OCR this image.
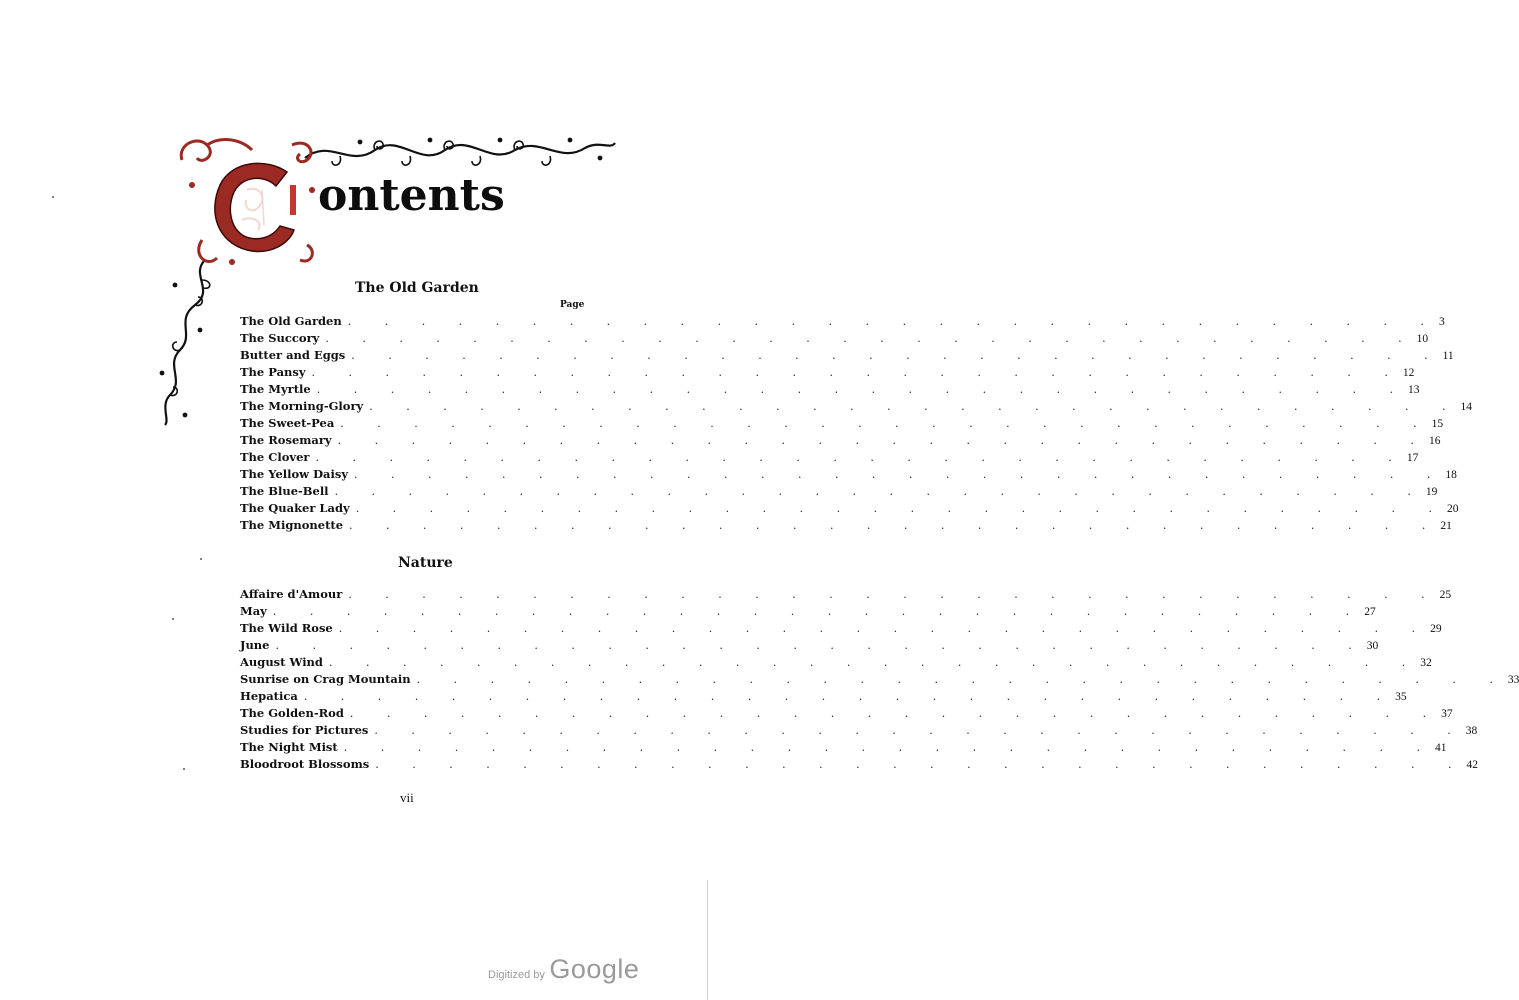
ontents
The Old Garden
Page
The Old Garden . . . . . . . . . . . . . . . . . . . . . . . . . . . . . . 3
The Succory . . . . . . . . . . . . . . . . . . . . . . . . . . . . . . 10
Butter and Eggs . . . . . . . . . . . . . . . . . . . . . . . . . . . . . . 11
The Pansy . . . . . . . . . . . . . . . . . . . . . . . . . . . . . . 12
The Myrtle . . . . . . . . . . . . . . . . . . . . . . . . . . . . . . 13
The Morning-Glory . . . . . . . . . . . . . . . . . . . . . . . . . . . . . . 14
The Sweet-Pea . . . . . . . . . . . . . . . . . . . . . . . . . . . . . . 15
The Rosemary . . . . . . . . . . . . . . . . . . . . . . . . . . . . . . 16
The Clover . . . . . . . . . . . . . . . . . . . . . . . . . . . . . . 17
The Yellow Daisy . . . . . . . . . . . . . . . . . . . . . . . . . . . . . . 18
The Blue-Bell . . . . . . . . . . . . . . . . . . . . . . . . . . . . . . 19
The Quaker Lady . . . . . . . . . . . . . . . . . . . . . . . . . . . . . . 20
The Mignonette . . . . . . . . . . . . . . . . . . . . . . . . . . . . . . 21
Nature
Affaire d'Amour . . . . . . . . . . . . . . . . . . . . . . . . . . . . . . 25
May . . . . . . . . . . . . . . . . . . . . . . . . . . . . . . 27
The Wild Rose . . . . . . . . . . . . . . . . . . . . . . . . . . . . . . 29
June . . . . . . . . . . . . . . . . . . . . . . . . . . . . . . 30
August Wind . . . . . . . . . . . . . . . . . . . . . . . . . . . . . . 32
Sunrise on Crag Mountain . . . . . . . . . . . . . . . . . . . . . . . . . . . . . . 33
Hepatica . . . . . . . . . . . . . . . . . . . . . . . . . . . . . . 35
The Golden-Rod . . . . . . . . . . . . . . . . . . . . . . . . . . . . . . 37
Studies for Pictures . . . . . . . . . . . . . . . . . . . . . . . . . . . . . . 38
The Night Mist . . . . . . . . . . . . . . . . . . . . . . . . . . . . . . 41
Bloodroot Blossoms . . . . . . . . . . . . . . . . . . . . . . . . . . . . . . 42
vii
Digitized by Google
